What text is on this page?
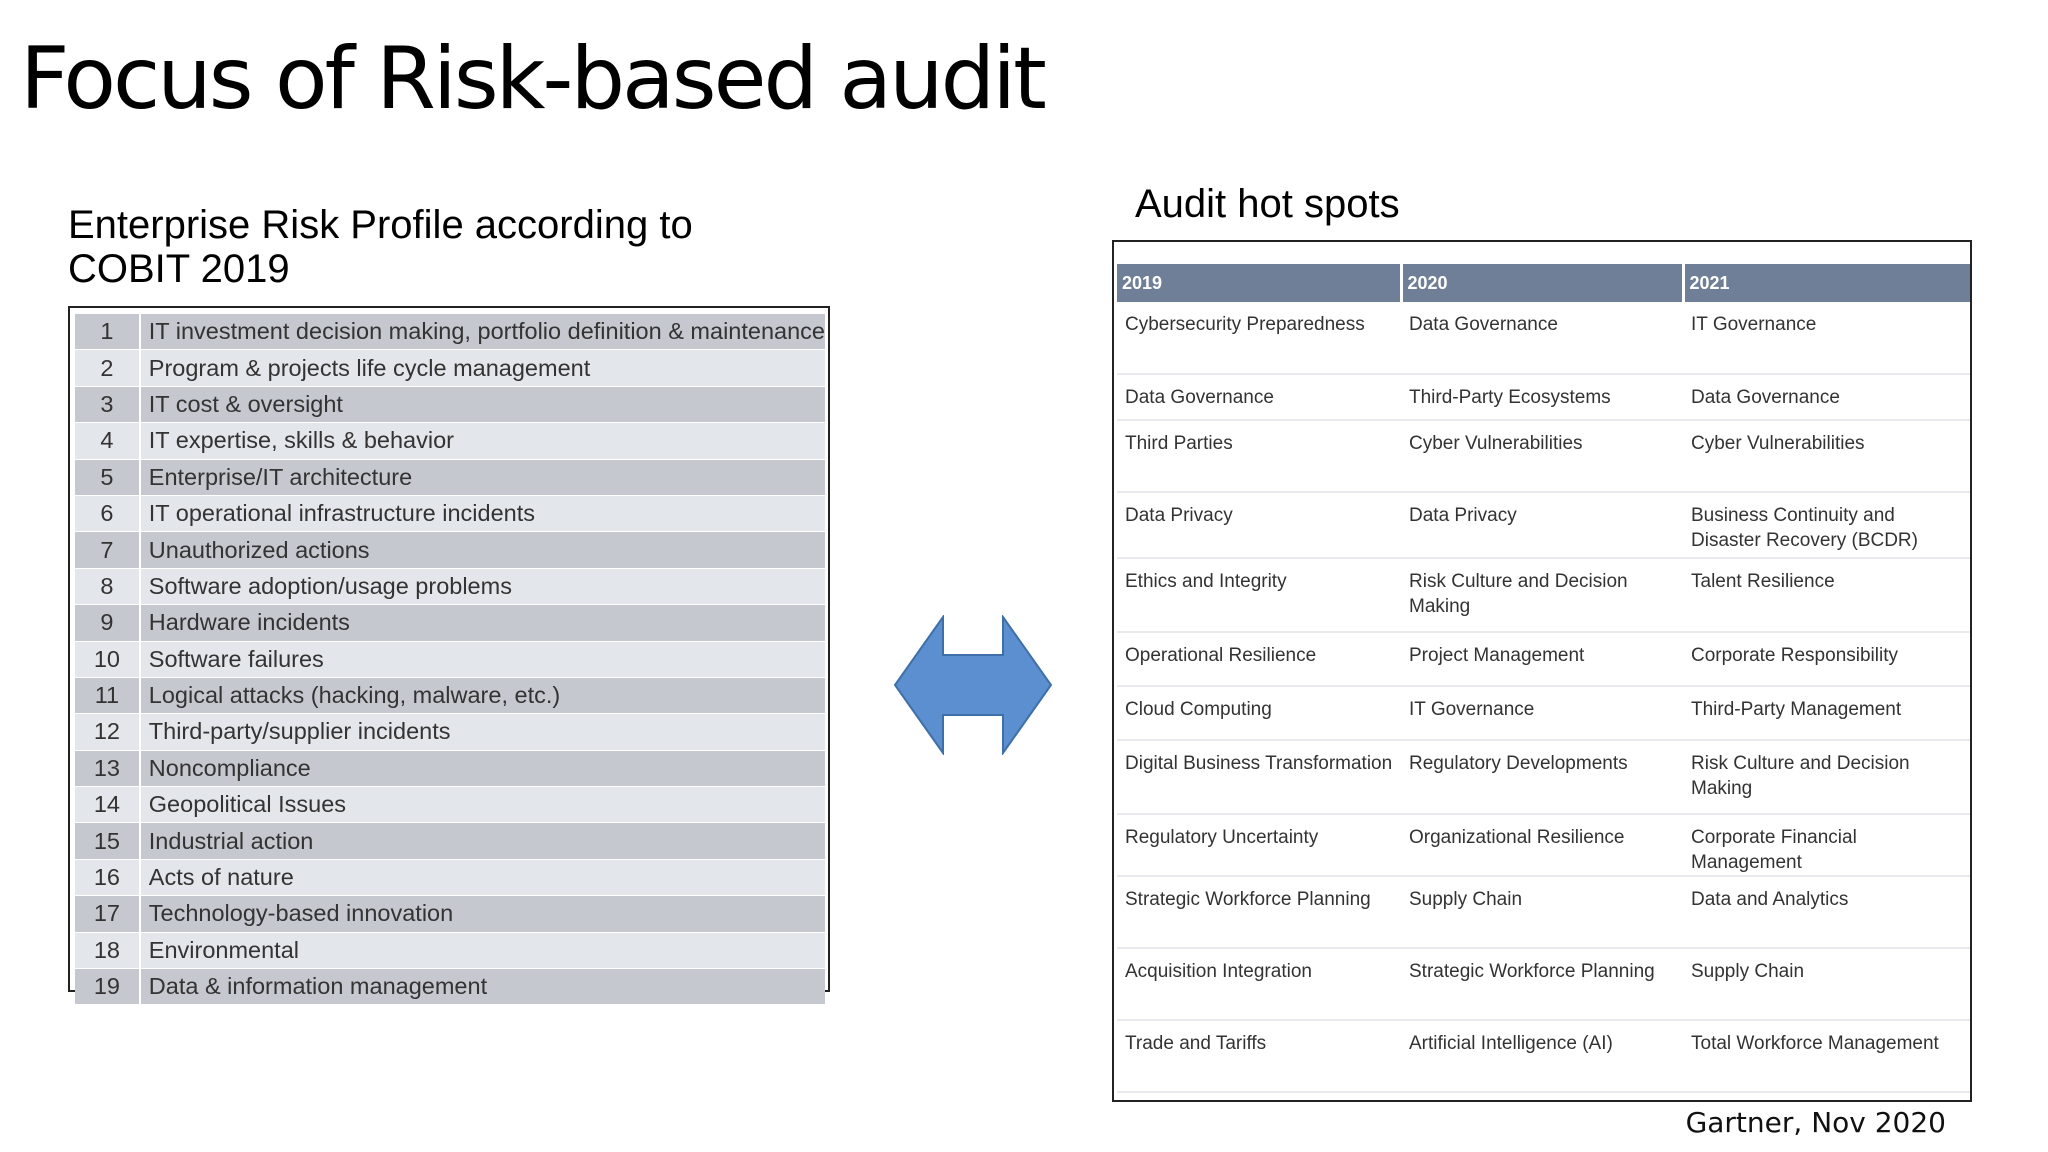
Focus of Risk-based audit
Enterprise Risk Profile according to COBIT 2019
1	IT investment decision making, portfolio definition & maintenance
2	Program & projects life cycle management
3	IT cost & oversight
4	IT expertise, skills & behavior
5	Enterprise/IT architecture
6	IT operational infrastructure incidents
7	Unauthorized actions
8	Software adoption/usage problems
9	Hardware incidents
10	Software failures
11	Logical attacks (hacking, malware, etc.)
12	Third-party/supplier incidents
13	Noncompliance
14	Geopolitical Issues
15	Industrial action
16	Acts of nature
17	Technology-based innovation
18	Environmental
19	Data & information management
Audit hot spots
2019	2020	2021
Cybersecurity Preparedness	Data Governance	IT Governance
Data Governance	Third-Party Ecosystems	Data Governance
Third Parties	Cyber Vulnerabilities	Cyber Vulnerabilities
Data Privacy	Data Privacy	Business Continuity and Disaster Recovery (BCDR)
Ethics and Integrity	Risk Culture and Decision Making	Talent Resilience
Operational Resilience	Project Management	Corporate Responsibility
Cloud Computing	IT Governance	Third-Party Management
Digital Business Transformation	Regulatory Developments	Risk Culture and Decision Making
Regulatory Uncertainty	Organizational Resilience	Corporate Financial Management
Strategic Workforce Planning	Supply Chain	Data and Analytics
Acquisition Integration	Strategic Workforce Planning	Supply Chain
Trade and Tariffs	Artificial Intelligence (AI)	Total Workforce Management
Gartner, Nov 2020
